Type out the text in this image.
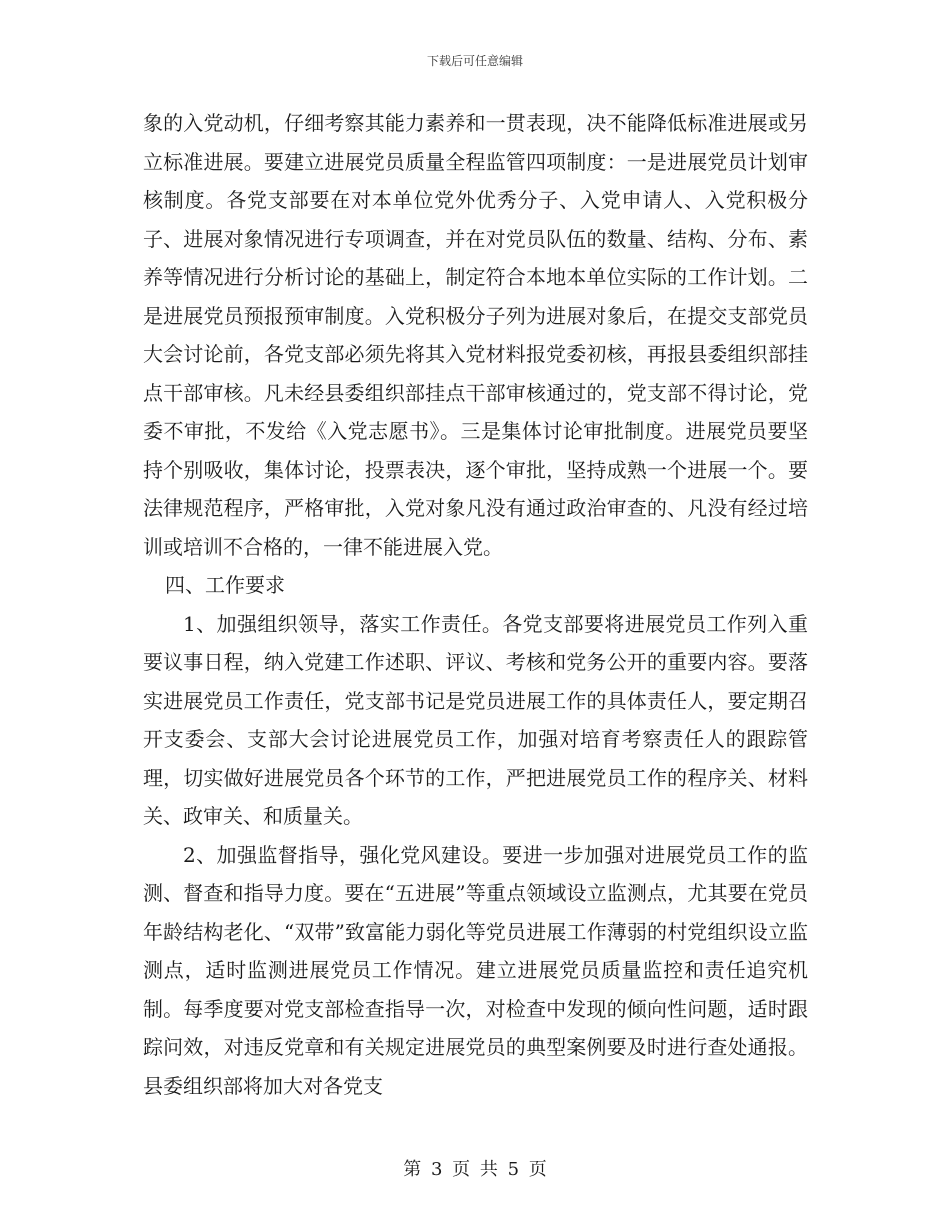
下载后可任意编辑

象的入党动机，仔细考察其能力素养和一贯表现，决不能降低标准进展或另立标准进展。要建立进展党员质量全程监管四项制度：一是进展党员计划审核制度。各党支部要在对本单位党外优秀分子、入党申请人、入党积极分子、进展对象情况进行专项调查，并在对党员队伍的数量、结构、分布、素养等情况进行分析讨论的基础上，制定符合本地本单位实际的工作计划。二是进展党员预报预审制度。入党积极分子列为进展对象后，在提交支部党员大会讨论前，各党支部必须先将其入党材料报党委初核，再报县委组织部挂点干部审核。凡未经县委组织部挂点干部审核通过的，党支部不得讨论，党委不审批，不发给《入党志愿书》。三是集体讨论审批制度。进展党员要坚持个别吸收，集体讨论，投票表决，逐个审批，坚持成熟一个进展一个。要法律规范程序，严格审批，入党对象凡没有通过政治审查的、凡没有经过培训或培训不合格的，一律不能进展入党。

四、工作要求

1、加强组织领导，落实工作责任。各党支部要将进展党员工作列入重要议事日程，纳入党建工作述职、评议、考核和党务公开的重要内容。要落实进展党员工作责任，党支部书记是党员进展工作的具体责任人，要定期召开支委会、支部大会讨论进展党员工作，加强对培育考察责任人的跟踪管理，切实做好进展党员各个环节的工作，严把进展党员工作的程序关、材料关、政审关、和质量关。

2、加强监督指导，强化党风建设。要进一步加强对进展党员工作的监测、督查和指导力度。要在“五进展”等重点领域设立监测点，尤其要在党员年龄结构老化、“双带”致富能力弱化等党员进展工作薄弱的村党组织设立监测点，适时监测进展党员工作情况。建立进展党员质量监控和责任追究机制。每季度要对党支部检查指导一次，对检查中发现的倾向性问题，适时跟踪问效，对违反党章和有关规定进展党员的典型案例要及时进行查处通报。县委组织部将加大对各党支

第 3 页 共 5 页
